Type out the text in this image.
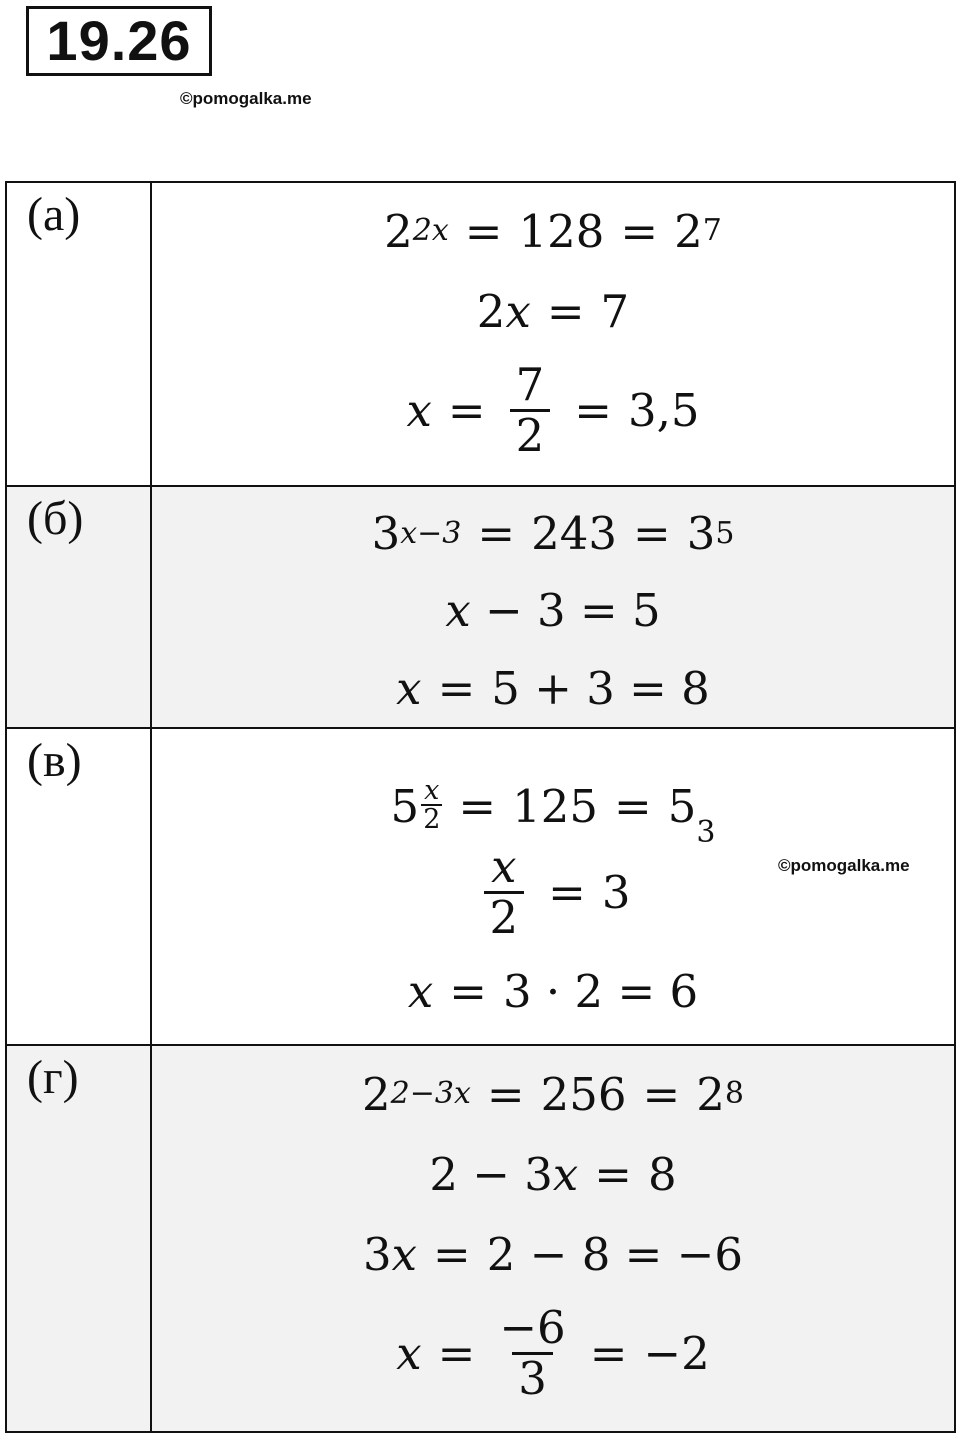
19.26
©pomogalka.me
(а)	2 2x = 128 = 2 7
2 x = 7
$x = \frac{7}{2} = 3,5$
(б)	3 x−3 = 243 = 3 5
x
− 3 = 5
x = 5 + 3 = 8
(в)
$5 \frac{x}{2} = 125 = 5$ 3
$\frac{x}{2} = 3$
x = 3 · 2 = 6
(г)	2 2−3x = 256 = 2 8
2 − 3 x = 8
3 x = 2 − 8 = −6
$x = \frac{-6}{3} = -2$
©pomogalka.me
